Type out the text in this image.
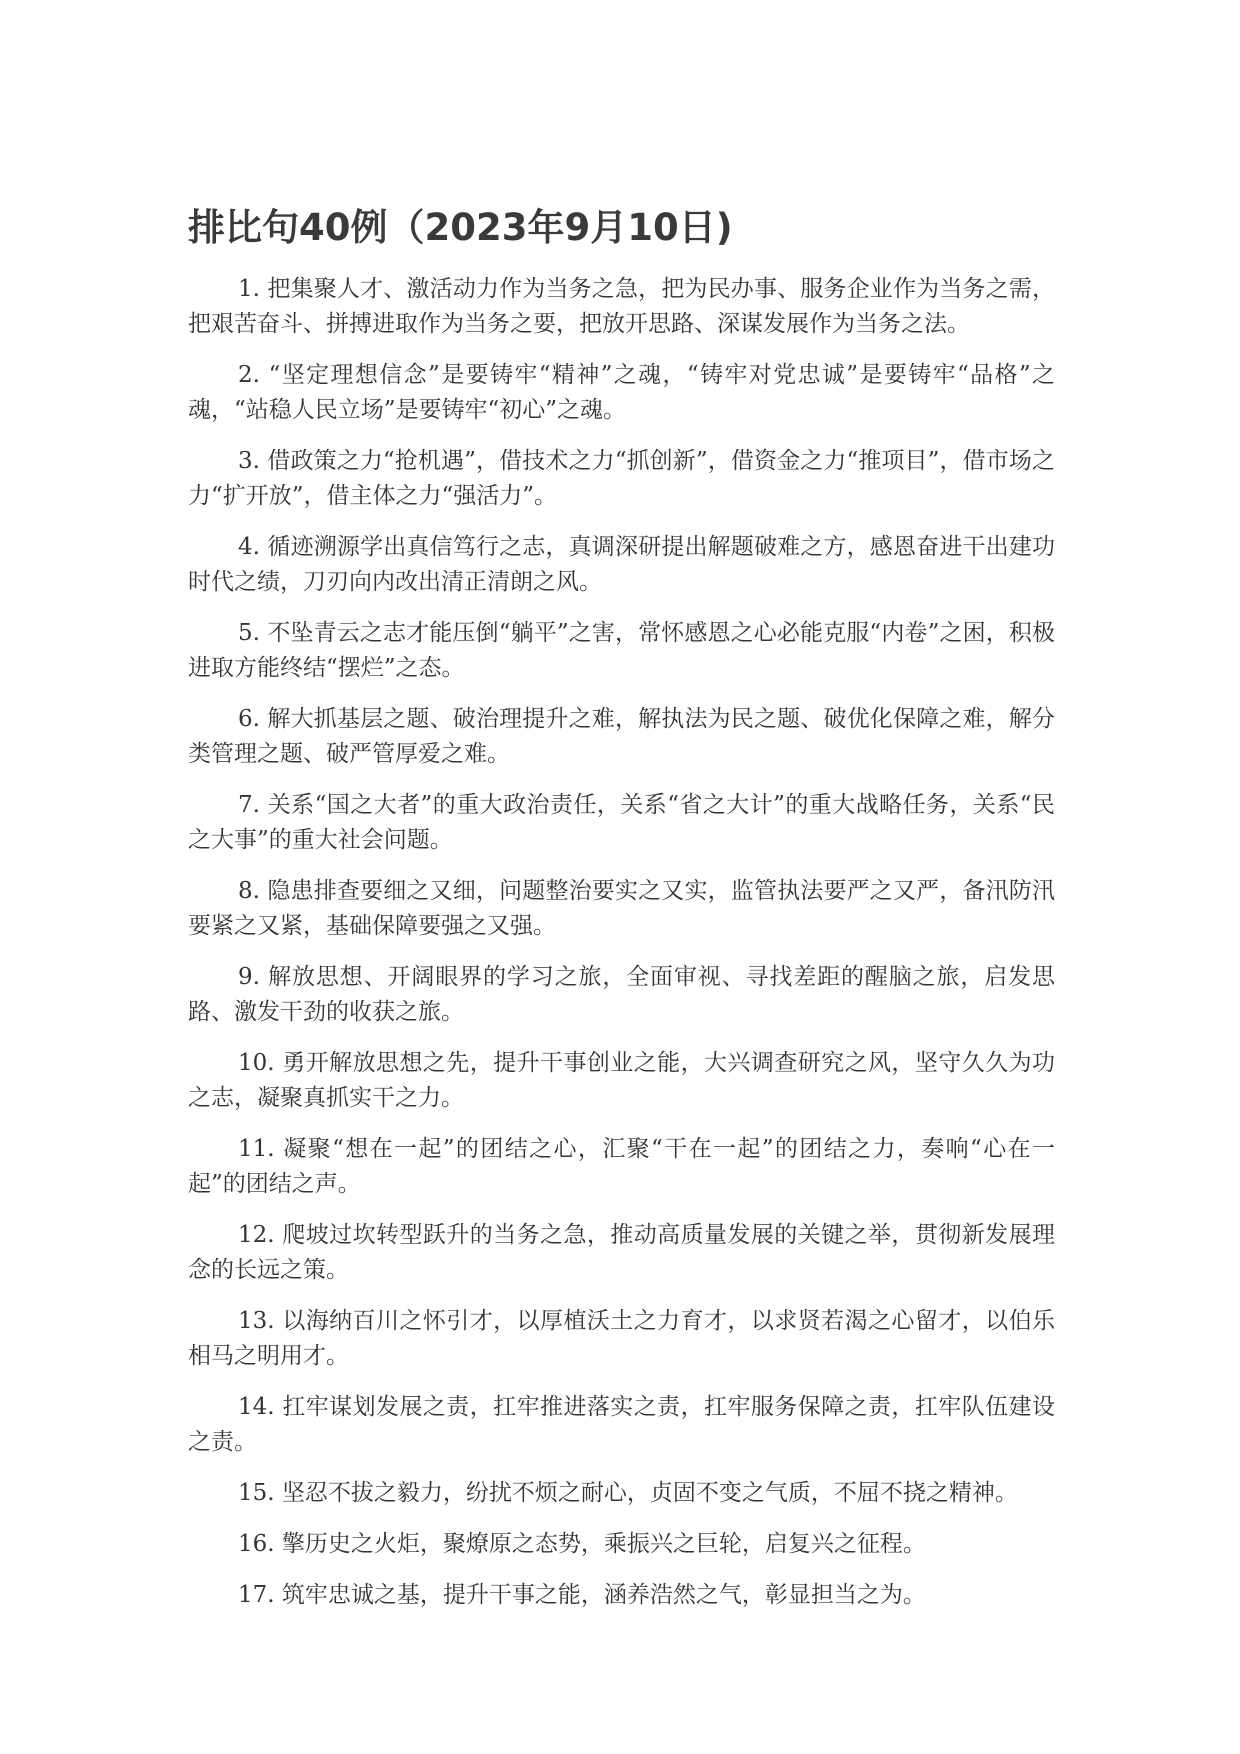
排比句40例（2023年9月10日)

1. 把集聚人才、激活动力作为当务之急，把为民办事、服务企业作为当务之需，把艰苦奋斗、拼搏进取作为当务之要，把放开思路、深谋发展作为当务之法。

2. “坚定理想信念”是要铸牢“精神”之魂，“铸牢对党忠诚”是要铸牢“品格”之魂，“站稳人民立场”是要铸牢“初心”之魂。

3. 借政策之力“抢机遇”，借技术之力“抓创新”，借资金之力“推项目”，借市场之力“扩开放”，借主体之力“强活力”。

4. 循迹溯源学出真信笃行之志，真调深研提出解题破难之方，感恩奋进干出建功时代之绩，刀刃向内改出清正清朗之风。

5. 不坠青云之志才能压倒“躺平”之害，常怀感恩之心必能克服“内卷”之困，积极进取方能终结“摆烂”之态。

6. 解大抓基层之题、破治理提升之难，解执法为民之题、破优化保障之难，解分类管理之题、破严管厚爱之难。

7. 关系“国之大者”的重大政治责任，关系“省之大计”的重大战略任务，关系“民之大事”的重大社会问题。

8. 隐患排查要细之又细，问题整治要实之又实，监管执法要严之又严，备汛防汛要紧之又紧，基础保障要强之又强。

9. 解放思想、开阔眼界的学习之旅，全面审视、寻找差距的醒脑之旅，启发思路、激发干劲的收获之旅。

10. 勇开解放思想之先，提升干事创业之能，大兴调查研究之风，坚守久久为功之志，凝聚真抓实干之力。

11. 凝聚“想在一起”的团结之心，汇聚“干在一起”的团结之力，奏响“心在一起”的团结之声。

12. 爬坡过坎转型跃升的当务之急，推动高质量发展的关键之举，贯彻新发展理念的长远之策。

13. 以海纳百川之怀引才，以厚植沃土之力育才，以求贤若渴之心留才，以伯乐相马之明用才。

14. 扛牢谋划发展之责，扛牢推进落实之责，扛牢服务保障之责，扛牢队伍建设之责。

15. 坚忍不拔之毅力，纷扰不烦之耐心，贞固不变之气质，不屈不挠之精神。

16. 擎历史之火炬，聚燎原之态势，乘振兴之巨轮，启复兴之征程。

17. 筑牢忠诚之基，提升干事之能，涵养浩然之气，彰显担当之为。
